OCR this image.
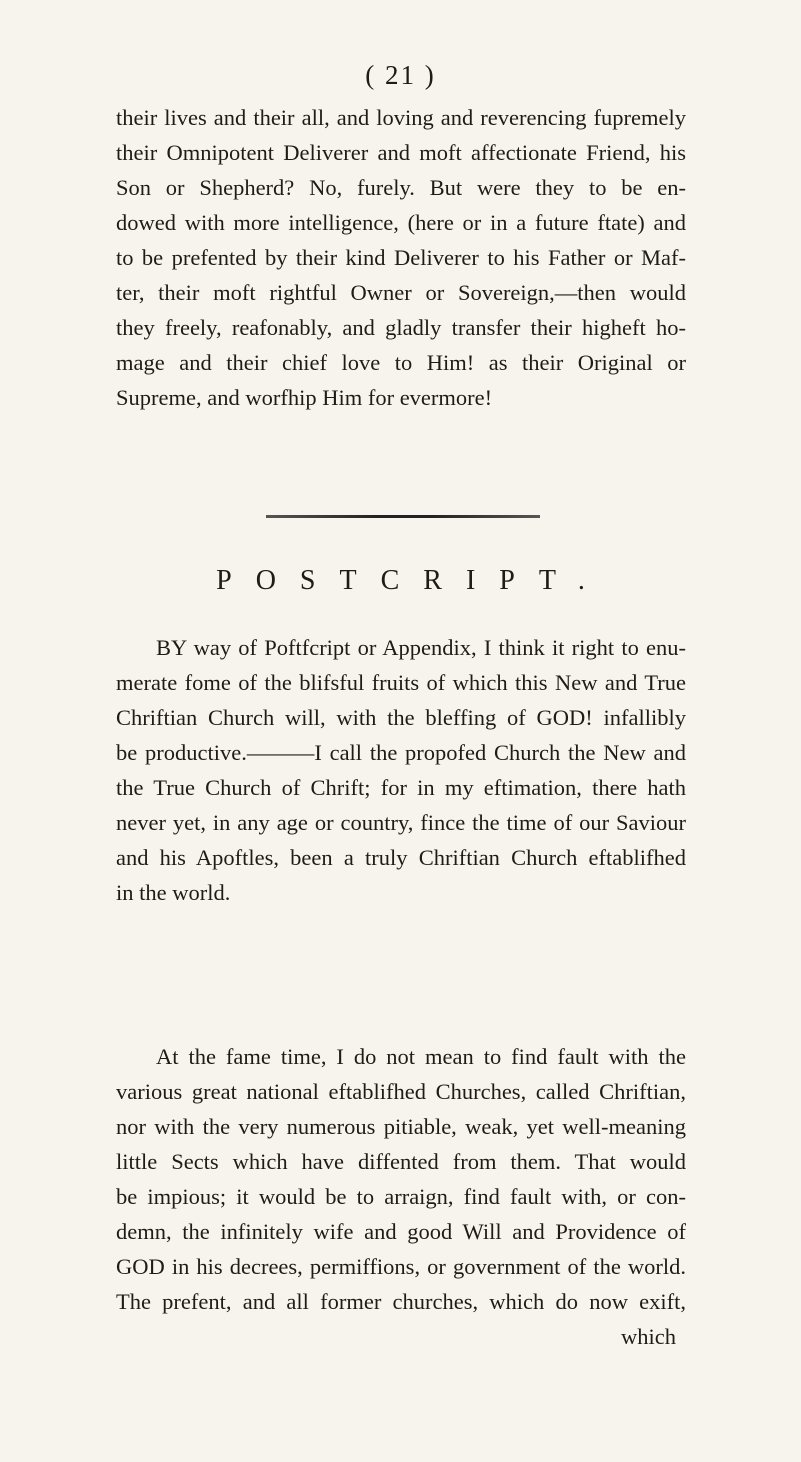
( 21 )
their lives and their all, and loving and reverencing fupremely
their Omnipotent Deliverer and moft affectionate Friend, his
Son or Shepherd? No, furely. But were they to be en-
dowed with more intelligence, (here or in a future ftate) and
to be prefented by their kind Deliverer to his Father or Maf-
ter, their moft rightful Owner or Sovereign,—then would
they freely, reafonably, and gladly transfer their higheft ho-
mage and their chief love to Him! as their Original or
Supreme, and worfhip Him for evermore!
POSTCRIPT.
BY way of Poftfcript or Appendix, I think it right to enu-
merate fome of the blifsful fruits of which this New and True
Chriftian Church will, with the bleffing of GOD! infallibly
be productive.———I call the propofed Church the New and
the True Church of Chrift; for in my eftimation, there hath
never yet, in any age or country, fince the time of our Saviour
and his Apoftles, been a truly Chriftian Church eftablifhed
in the world.
At the fame time, I do not mean to find fault with the
various great national eftablifhed Churches, called Chriftian,
nor with the very numerous pitiable, weak, yet well-meaning
little Sects which have diffented from them. That would
be impious; it would be to arraign, find fault with, or con-
demn, the infinitely wife and good Will and Providence of
GOD in his decrees, permiffions, or government of the world.
The prefent, and all former churches, which do now exift,
which
